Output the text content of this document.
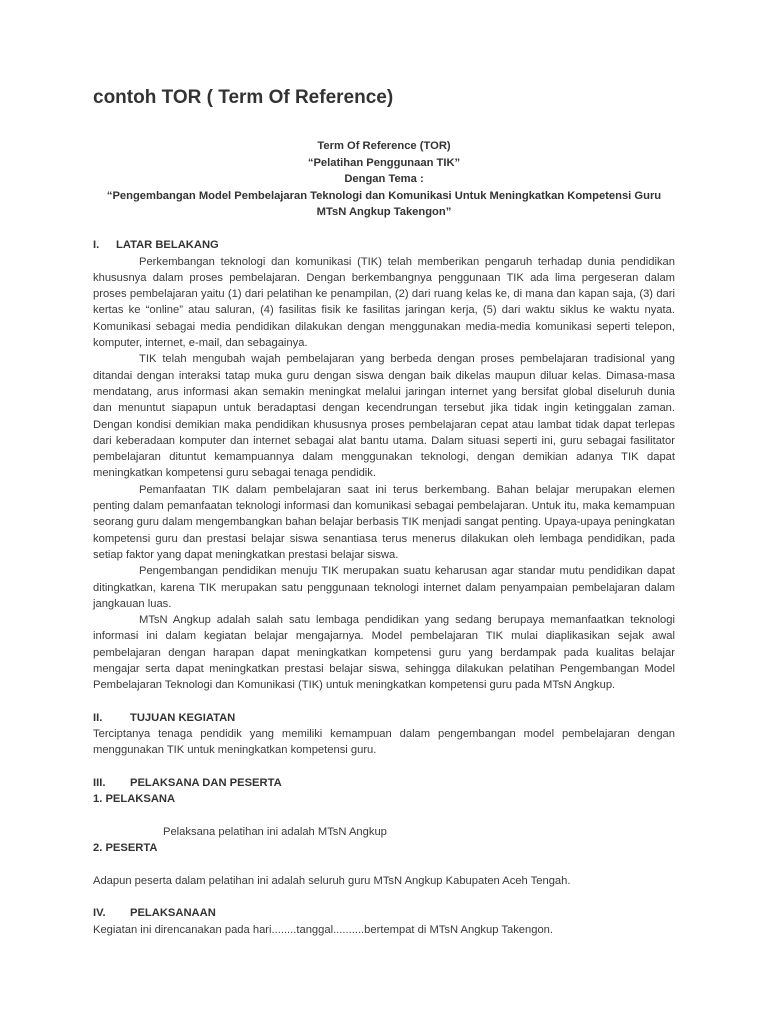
contoh TOR ( Term Of Reference)
Term Of Reference (TOR)
“Pelatihan Penggunaan TIK”
Dengan Tema :
“Pengembangan Model Pembelajaran Teknologi dan Komunikasi Untuk Meningkatkan Kompetensi Guru
MTsN Angkup Takengon”
I.	LATAR BELAKANG

Perkembangan teknologi dan komunikasi (TIK) telah memberikan pengaruh terhadap dunia pendidikan khususnya dalam proses pembelajaran. Dengan berkembangnya penggunaan TIK ada lima pergeseran dalam proses pembelajaran yaitu (1) dari pelatihan ke penampilan, (2) dari ruang kelas ke, di mana dan kapan saja, (3) dari kertas ke “online” atau saluran, (4) fasilitas fisik ke fasilitas jaringan kerja, (5) dari waktu siklus ke waktu nyata. Komunikasi sebagai media pendidikan dilakukan dengan menggunakan media-media komunikasi seperti telepon, komputer, internet, e-mail, dan sebagainya.

TIK telah mengubah wajah pembelajaran yang berbeda dengan proses pembelajaran tradisional yang ditandai dengan interaksi tatap muka guru dengan siswa dengan baik dikelas maupun diluar kelas. Dimasa-masa mendatang, arus informasi akan semakin meningkat melalui jaringan internet yang bersifat global diseluruh dunia dan menuntut siapapun untuk beradaptasi dengan kecendrungan tersebut jika tidak ingin ketinggalan zaman. Dengan kondisi demikian maka pendidikan khususnya proses pembelajaran cepat atau lambat tidak dapat terlepas dari keberadaan komputer dan internet sebagai alat bantu utama. Dalam situasi seperti ini, guru sebagai fasilitator pembelajaran dituntut kemampuannya dalam menggunakan teknologi, dengan demikian adanya TIK dapat meningkatkan kompetensi guru sebagai tenaga pendidik.

Pemanfaatan TIK dalam pembelajaran saat ini terus berkembang. Bahan belajar merupakan elemen penting dalam pemanfaatan teknologi informasi dan komunikasi sebagai pembelajaran. Untuk itu, maka kemampuan seorang guru dalam mengembangkan bahan belajar berbasis TIK menjadi sangat penting. Upaya-upaya peningkatan kompetensi guru dan prestasi belajar siswa senantiasa terus menerus dilakukan oleh lembaga pendidikan, pada setiap faktor yang dapat meningkatkan prestasi belajar siswa.

Pengembangan pendidikan menuju TIK merupakan suatu keharusan agar standar mutu pendidikan dapat ditingkatkan, karena TIK merupakan satu penggunaan teknologi internet dalam penyampaian pembelajaran dalam jangkauan luas.

MTsN Angkup adalah salah satu lembaga pendidikan yang sedang berupaya memanfaatkan teknologi informasi ini dalam kegiatan belajar mengajarnya. Model pembelajaran TIK mulai diaplikasikan sejak awal pembelajaran dengan harapan dapat meningkatkan kompetensi guru yang berdampak pada kualitas belajar mengajar serta dapat meningkatkan prestasi belajar siswa, sehingga dilakukan pelatihan Pengembangan Model Pembelajaran Teknologi dan Komunikasi (TIK) untuk meningkatkan kompetensi guru pada MTsN Angkup.

II.	TUJUAN KEGIATAN

Terciptanya tenaga pendidik yang memiliki kemampuan dalam pengembangan model pembelajaran dengan menggunakan TIK untuk meningkatkan kompetensi guru.

III.	PELAKSANA DAN PESERTA
1. PELAKSANA

Pelaksana pelatihan ini adalah MTsN Angkup

2. PESERTA

Adapun peserta dalam pelatihan ini adalah seluruh guru MTsN Angkup Kabupaten Aceh Tengah.

IV.	PELAKSANAAN

Kegiatan ini direncanakan pada hari........tanggal..........bertempat di MTsN Angkup Takengon.
